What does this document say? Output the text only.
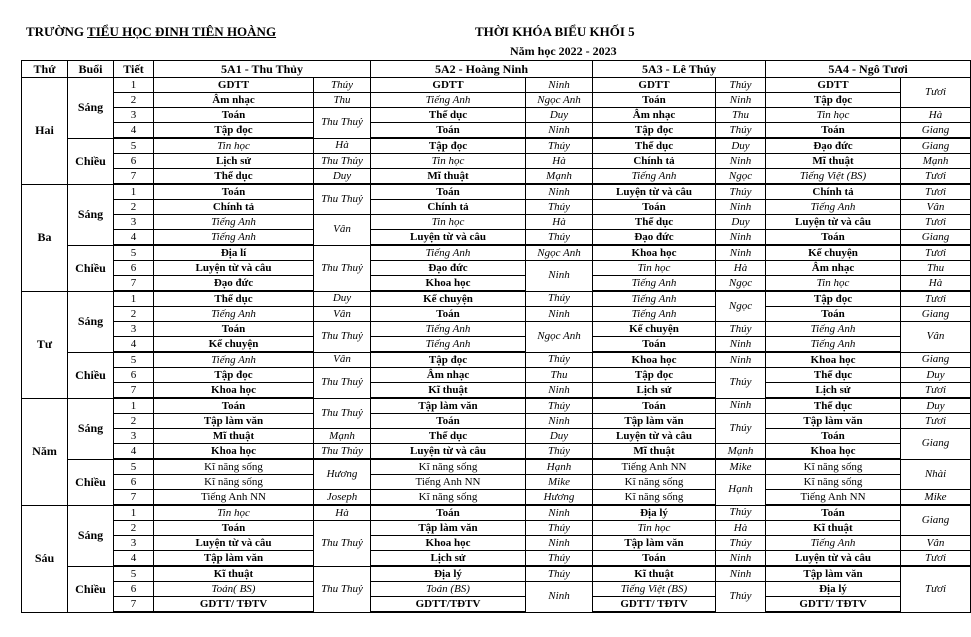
TRƯỜNG TIỂU HỌC ĐINH TIÊN HOÀNG	THỜI KHÓA BIỂU KHỐI 5
Năm học 2022 - 2023
Thứ	Buổi	Tiết	5A1 - Thu Thủy		5A2 - Hoàng Ninh		5A3 - Lê Thúy		5A4 - Ngô Tươi	
Hai	Sáng	1	GDTT	Thúy	GDTT	Ninh	GDTT	Thúy	GDTT	Tươi
		2	Âm nhạc	Thu	Tiếng Anh	Ngọc Anh	Toán	Ninh	Tập đọc	
		3	Toán	Thu Thuỷ	Thể dục	Duy	Âm nhạc	Thu	Tin học	Hà
		4	Tập đọc		Toán	Ninh	Tập đọc	Thúy	Toán	Giang
	Chiều	5	Tin học	Hà	Tập đọc	Thúy	Thể dục	Duy	Đạo đức	Giang
		6	Lịch sử	Thu Thủy	Tin học	Hà	Chính tả	Ninh	Mĩ thuật	Mạnh
		7	Thể dục	Duy	Mĩ thuật	Mạnh	Tiếng Anh	Ngọc	Tiếng Việt (BS)	Tươi
Ba	Sáng	1	Toán	Thu Thuỷ	Toán	Ninh	Luyện từ và câu	Thúy	Chính tả	Tươi
		2	Chính tả		Chính tả	Thúy	Toán	Ninh	Tiếng Anh	Vân
		3	Tiếng Anh	Vân	Tin học	Hà	Thể dục	Duy	Luyện từ và câu	Tươi
		4	Tiếng Anh		Luyện từ và câu	Thúy	Đạo đức	Ninh	Toán	Giang
	Chiều	5	Địa lí	Thu Thuỷ	Tiếng Anh	Ngọc Anh	Khoa học	Ninh	Kể chuyện	Tươi
		6	Luyện từ và câu		Đạo đức	Ninh	Tin học	Hà	Âm nhạc	Thu
		7	Đạo đức		Khoa học		Tiếng Anh	Ngọc	Tin học	Hà
Tư	Sáng	1	Thể dục	Duy	Kể chuyện	Thúy	Tiếng Anh	Ngọc	Tập đọc	Tươi
		2	Tiếng Anh	Vân	Toán	Ninh	Tiếng Anh		Toán	Giang
		3	Toán	Thu Thuỷ	Tiếng Anh	Ngọc Anh	Kể chuyện	Thúy	Tiếng Anh	Vân
		4	Kể chuyện		Tiếng Anh		Toán	Ninh	Tiếng Anh	
	Chiều	5	Tiếng Anh	Vân	Tập đọc	Thúy	Khoa học	Ninh	Khoa học	Giang
		6	Tập đọc	Thu Thuỷ	Âm nhạc	Thu	Tập đọc	Thúy	Thể dục	Duy
		7	Khoa học		Kĩ thuật	Ninh	Lịch sử		Lịch sử	Tươi
Năm	Sáng	1	Toán	Thu Thuỷ	Tập làm văn	Thúy	Toán	Ninh	Thể dục	Duy
		2	Tập làm văn		Toán	Ninh	Tập làm văn	Thúy	Tập làm văn	Tươi
		3	Mĩ thuật	Mạnh	Thể dục	Duy	Luyện từ và câu		Toán	Giang
		4	Khoa học	Thu Thủy	Luyện từ và câu	Thúy	Mĩ thuật	Mạnh	Khoa học	
	Chiều	5	Kĩ năng sống	Hương	Kĩ năng sống	Hạnh	Tiếng Anh NN	Mike	Kĩ năng sống	Nhài
		6	Kĩ năng sống		Tiếng Anh NN	Mike	Kĩ năng sống	Hạnh	Kĩ năng sống	
		7	Tiếng Anh NN	Joseph	Kĩ năng sống	Hương	Kĩ năng sống		Tiếng Anh NN	Mike
Sáu	Sáng	1	Tin học	Hà	Toán	Ninh	Địa lý	Thúy	Toán	Giang
		2	Toán	Thu Thuỷ	Tập làm văn	Thúy	Tin học	Hà	Kĩ thuật	
		3	Luyện từ và câu		Khoa học	Ninh	Tập làm văn	Thúy	Tiếng Anh	Vân
		4	Tập làm văn		Lịch sử	Thúy	Toán	Ninh	Luyện từ và câu	Tươi
	Chiều	5	Kĩ thuật	Thu Thuỷ	Địa lý	Thúy	Kĩ thuật	Ninh	Tập làm văn	Tươi
		6	Toán( BS)		Toán (BS)	Ninh	Tiếng Việt (BS)	Thúy	Địa lý	
		7	GDTT/ TĐTV		GDTT/TĐTV		GDTT/ TĐTV		GDTT/ TĐTV	
